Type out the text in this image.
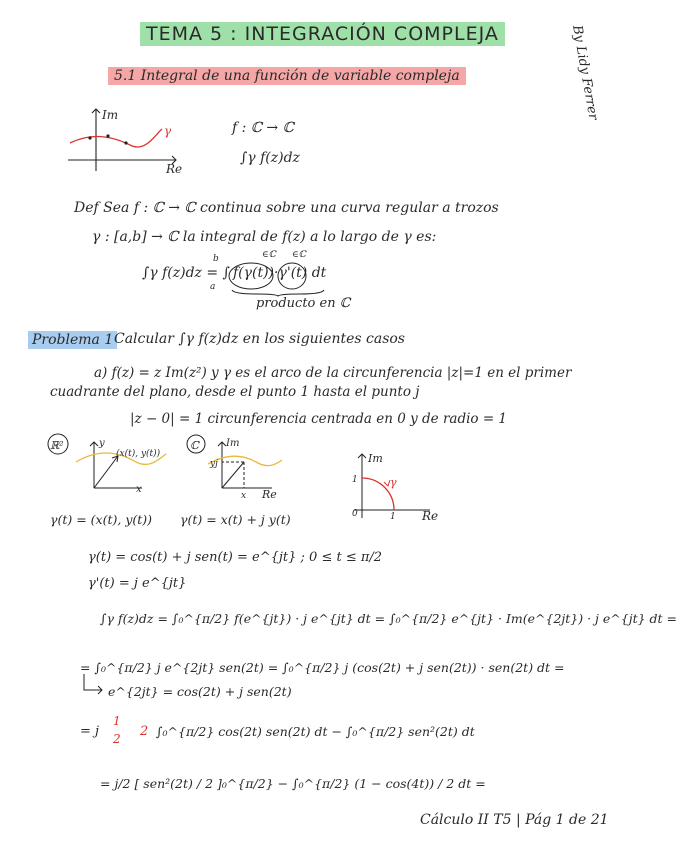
TEMA 5 : INTEGRACIÓN COMPLEJA	By Lidy Ferrer
5.1 Integral de una función de variable compleja
Im
Re
γ	f : ℂ → ℂ
∫γ f(z)dz
Def Sea f : ℂ → ℂ continua sobre una curva regular a trozos
γ : [a,b] → ℂ la integral de f(z) a lo largo de γ es:
∫γ f(z)dz = ∫
b
a
f(γ(t))·γ'(t) dt
∈ℂ ∈ℂ
producto en ℂ
Problema 1 Calcular ∫γ f(z)dz en los siguientes casos
a) f(z) = z Im(z²) y γ es el arco de la circunferencia |z|=1 en el primer
cuadrante del plano, desde el punto 1 hasta el punto j
|z − 0| = 1 circunferencia centrada en 0 y de radio = 1
ℝ²	y
x
(x(t), y(t))
ℂ	Im
Re
yj
x
γ(t) = (x(t), y(t)) γ(t) = x(t) + j y(t)
Im
Re
γ
1
0	1
γ(t) = cos(t) + j sen(t) = e^{jt} ; 0 ≤ t ≤ π/2
γ'(t) = j e^{jt}
∫γ f(z)dz = ∫₀^{π/2} f(e^{jt}) · j e^{jt} dt = ∫₀^{π/2} e^{jt} · Im(e^{2jt}) · j e^{jt} dt =
= ∫₀^{π/2} j e^{2jt} sen(2t) = ∫₀^{π/2} j (cos(2t) + j sen(2t)) · sen(2t) dt =
e^{2jt} = cos(2t) + j sen(2t)
= j
1
2 2 ∫₀^{π/2} cos(2t) sen(2t) dt − ∫₀^{π/2} sen²(2t) dt
= j/2 [ sen²(2t) / 2 ]₀^{π/2} − ∫₀^{π/2} (1 − cos(4t)) / 2 dt =
Cálculo II T5 | Pág 1 de 21
